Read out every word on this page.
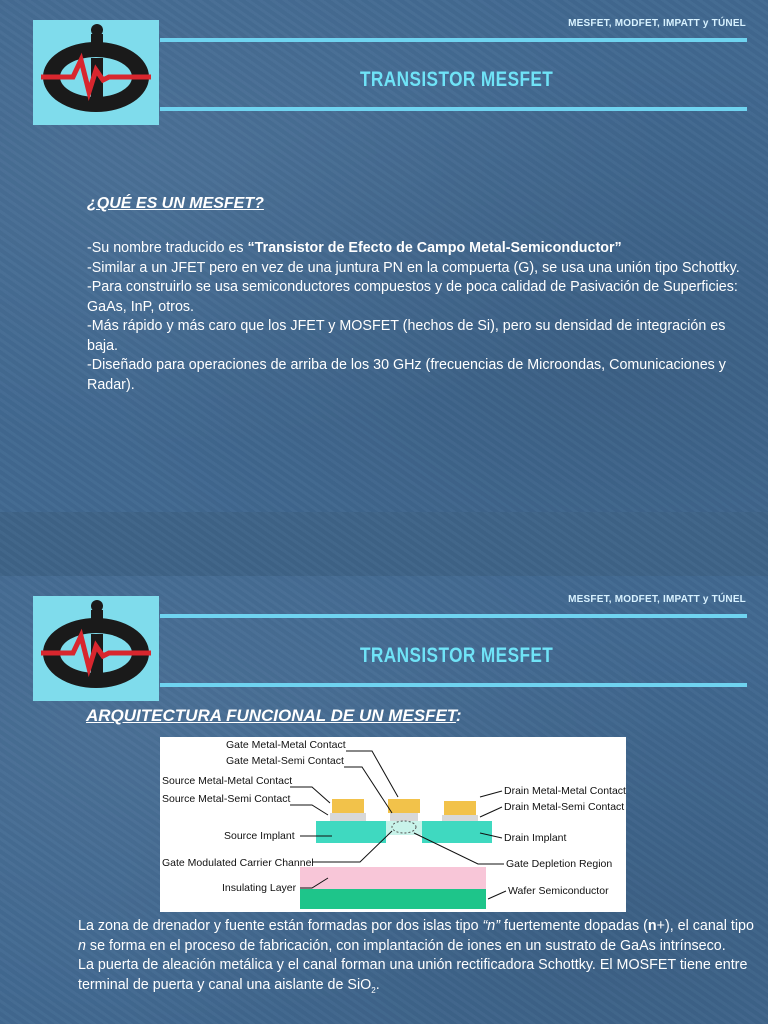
MESFET, MODFET, IMPATT y TÚNEL
TRANSISTOR MESFET
¿QUÉ ES UN MESFET?

-Su nombre traducido es “Transistor de Efecto de Campo Metal-Semiconductor”

-Similar a un JFET pero en vez de una juntura PN en la compuerta (G), se usa una unión tipo Schottky.

-Para construirlo se usa semiconductores compuestos y de poca calidad de Pasivación de Superficies: GaAs, InP, otros.

-Más rápido y más caro que los JFET y MOSFET (hechos de Si), pero su densidad de integración es baja.

-Diseñado para operaciones de arriba de los 30 GHz (frecuencias de Microondas, Comunicaciones y Radar).

MESFET, MODFET, IMPATT y TÚNEL
TRANSISTOR MESFET
ARQUITECTURA FUNCIONAL DE UN MESFET:
Gate Metal-Metal Contact
Gate Metal-Semi Contact
Source Metal-Metal Contact
Source Metal-Semi Contact
Source Implant
Gate Modulated Carrier Channel
Insulating Layer
Drain Metal-Metal Contact
Drain Metal-Semi Contact
Drain Implant
Gate Depletion Region
Wafer Semiconductor

La zona de drenador y fuente están formadas por dos islas tipo “n” fuertemente dopadas (n+), el canal tipo n se forma en el proceso de fabricación, con implantación de iones en un sustrato de GaAs intrínseco.

La puerta de aleación metálica y el canal forman una unión rectificadora Schottky. El MOSFET tiene entre terminal de puerta y canal una aislante de SiO$_2$.
